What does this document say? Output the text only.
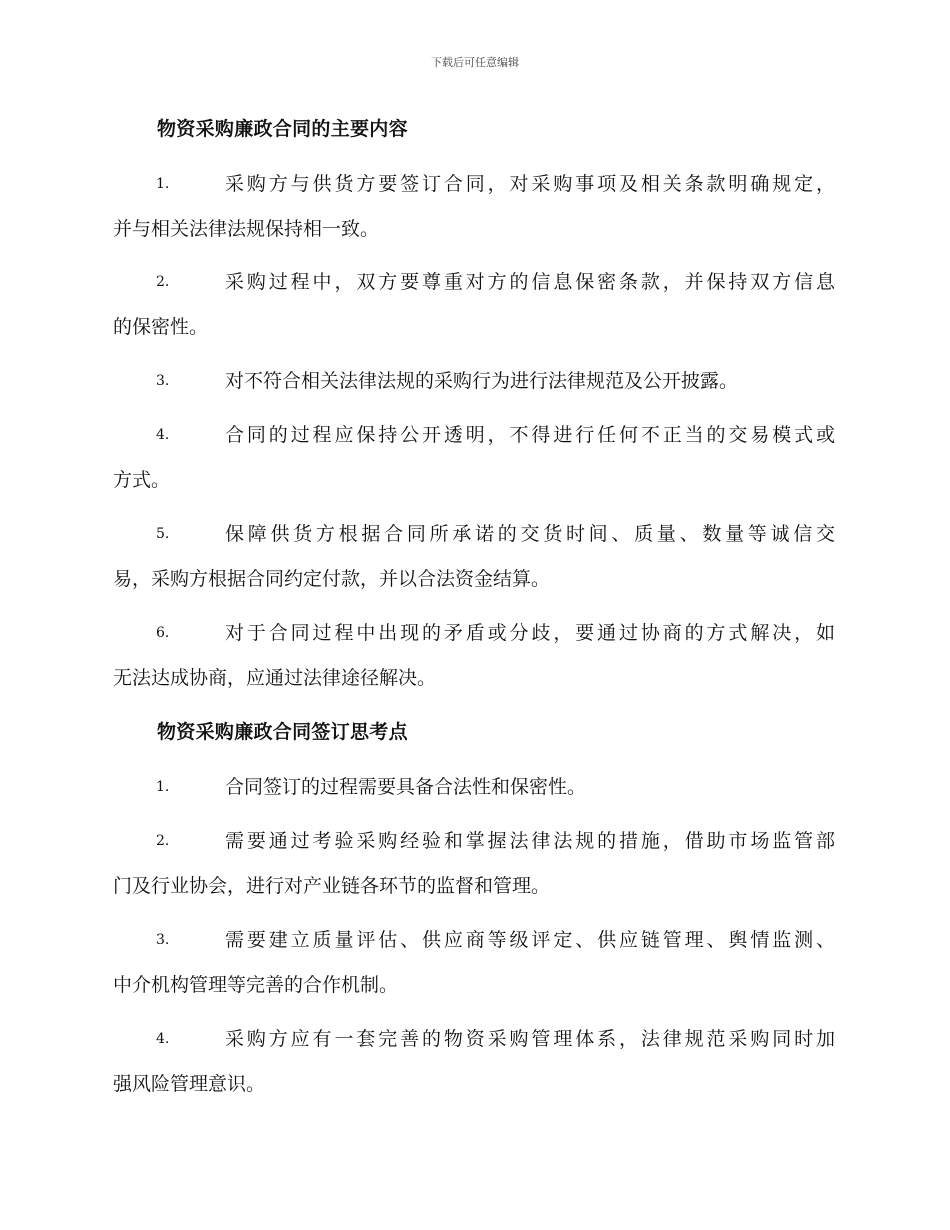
下载后可任意编辑
物资采购廉政合同的主要内容
1.	采购方与供货方要签订合同，对采购事项及相关条款明确规定，
并与相关法律法规保持相一致。
2.	采购过程中，双方要尊重对方的信息保密条款，并保持双方信息
的保密性。
3.	对不符合相关法律法规的采购行为进行法律规范及公开披露。
4.	合同的过程应保持公开透明，不得进行任何不正当的交易模式或
方式。
5.	保障供货方根据合同所承诺的交货时间、质量、数量等诚信交
易，采购方根据合同约定付款，并以合法资金结算。
6.	对于合同过程中出现的矛盾或分歧，要通过协商的方式解决，如
无法达成协商，应通过法律途径解决。
物资采购廉政合同签订思考点
1.	合同签订的过程需要具备合法性和保密性。
2.	需要通过考验采购经验和掌握法律法规的措施，借助市场监管部
门及行业协会，进行对产业链各环节的监督和管理。
3.	需要建立质量评估、供应商等级评定、供应链管理、舆情监测、
中介机构管理等完善的合作机制。
4.	采购方应有一套完善的物资采购管理体系，法律规范采购同时加
强风险管理意识。
